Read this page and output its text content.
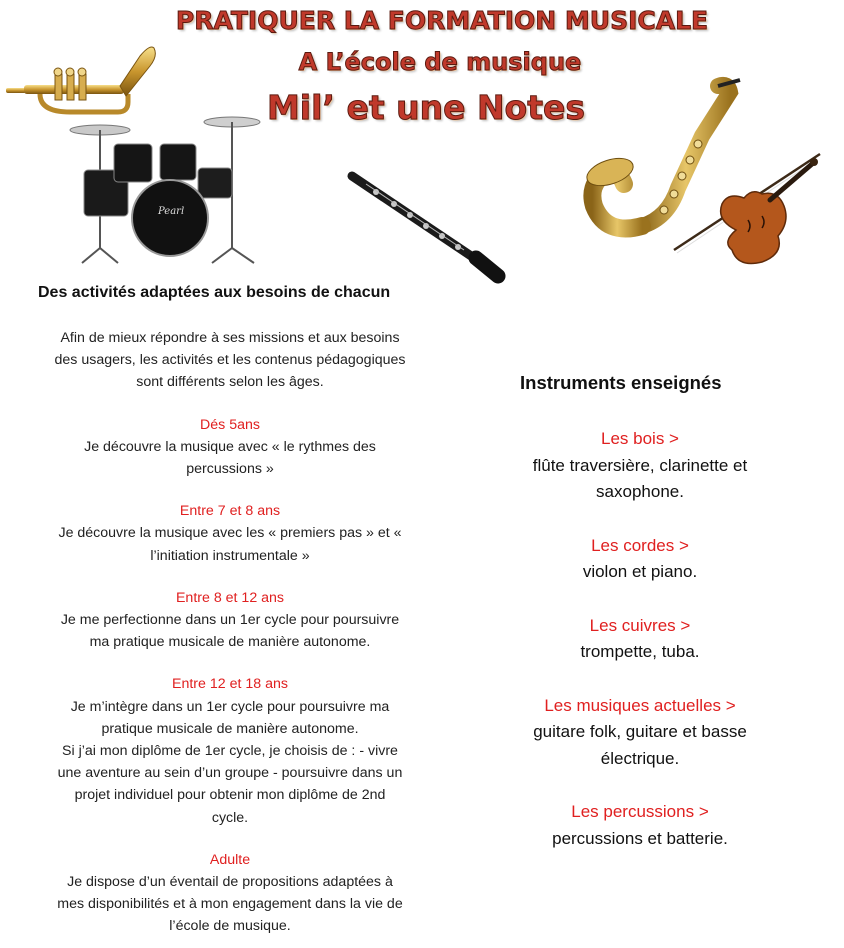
PRATIQUER LA FORMATION MUSICALE
A L’école de musique
Mil’ et une Notes
Pearl
Des activités adaptées aux besoins de chacun

Afin de mieux répondre à ses missions et aux besoins

des usagers, les activités et les contenus pédagogiques

sont différents selon les âges.

Dés 5ans

Je découvre la musique avec « le rythmes des

percussions »

Entre 7 et 8 ans

Je découvre la musique avec les « premiers pas » et «

l’initiation instrumentale »

Entre 8 et 12 ans

Je me perfectionne dans un 1er cycle pour poursuivre

ma pratique musicale de manière autonome.

Entre 12 et 18 ans

Je m’intègre dans un 1er cycle pour poursuivre ma

pratique musicale de manière autonome.

Si j’ai mon diplôme de 1er cycle, je choisis de : - vivre

une aventure au sein d’un groupe - poursuivre dans un

projet individuel pour obtenir mon diplôme de 2nd

cycle.

Adulte

Je dispose d’un éventail de propositions adaptées à

mes disponibilités et à mon engagement dans la vie de

l’école de musique.

Instruments enseignés

Les bois >

flûte traversière, clarinette et

saxophone.

Les cordes >

violon et piano.

Les cuivres >

trompette, tuba.

Les musiques actuelles >

guitare folk, guitare et basse

électrique.

Les percussions >

percussions et batterie.
